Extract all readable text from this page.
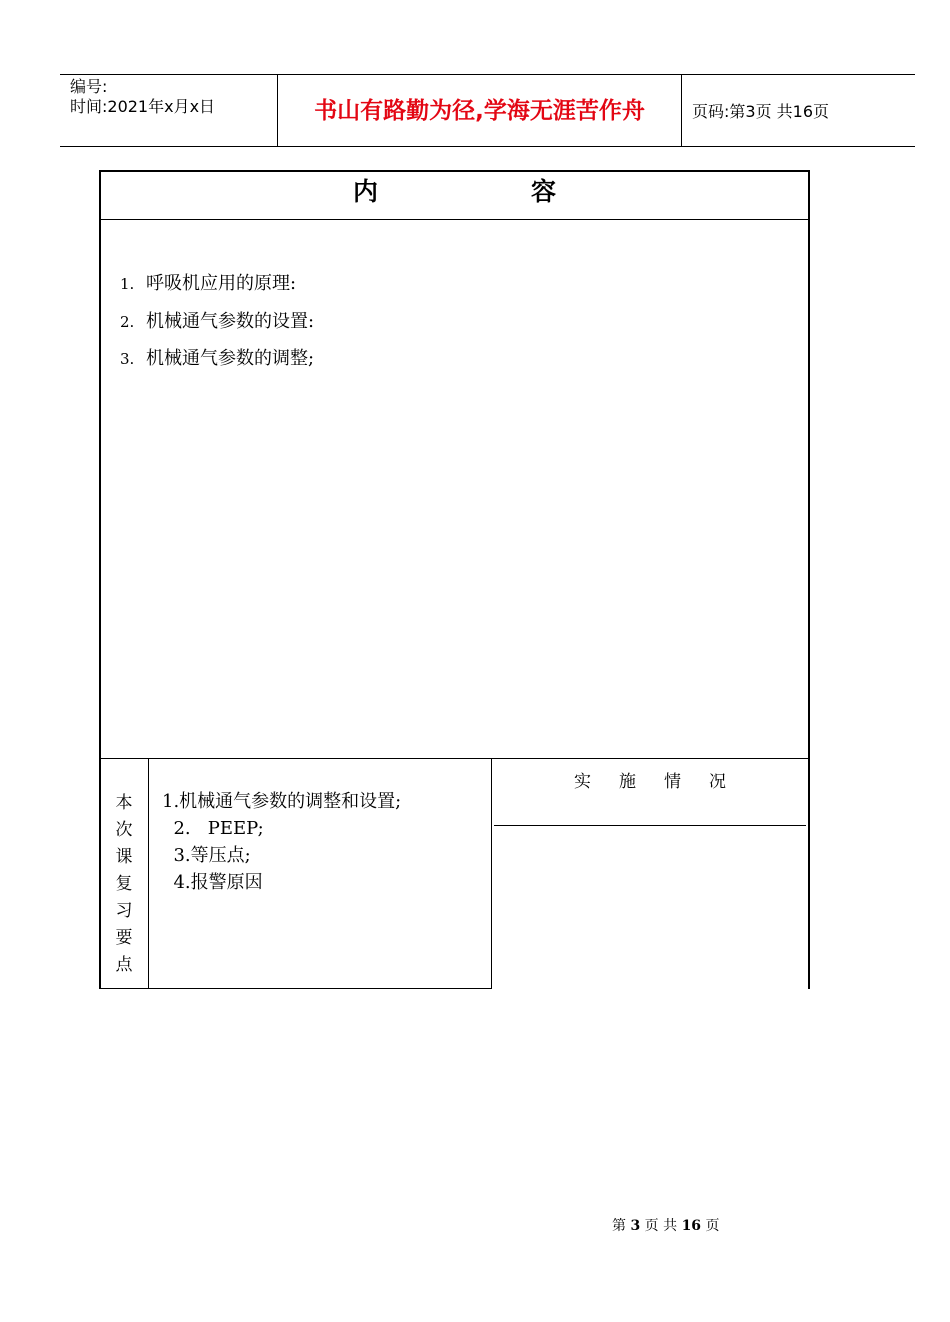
编号:
时间:2021年x月x日	书山有路勤为径,学海无涯苦作舟	页码:第3页 共16页
内	容
1. 呼吸机应用的原理:
2. 机械通气参数的设置:
3. 机械通气参数的调整;
本
次
课
复
习
要
点
1.机械通气参数的调整和设置;
2.   PEEP;
3.等压点;
4.报警原因
实 施 情 况
第 3 页 共 16 页
